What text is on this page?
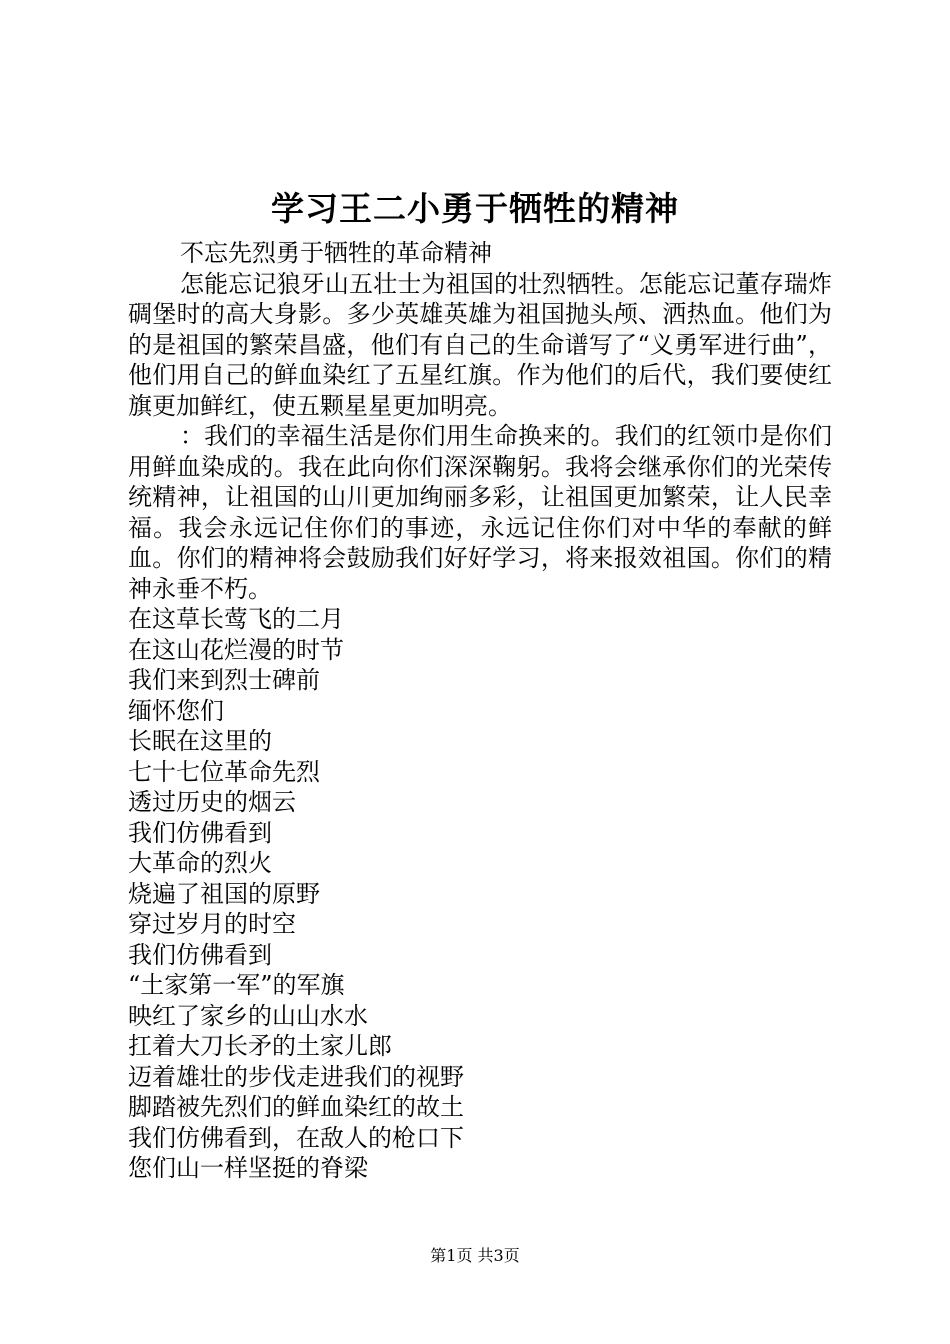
学习王二小勇于牺牲的精神

不忘先烈勇于牺牲的革命精神

怎能忘记狼牙山五壮士为祖国的壮烈牺牲。怎能忘记董存瑞炸碉堡时的高大身影。多少英雄英雄为祖国抛头颅、洒热血。他们为的是祖国的繁荣昌盛，他们有自己的生命谱写了“义勇军进行曲”，他们用自己的鲜血染红了五星红旗。作为他们的后代，我们要使红旗更加鲜红，使五颗星星更加明亮。

：我们的幸福生活是你们用生命换来的。我们的红领巾是你们用鲜血染成的。我在此向你们深深鞠躬。我将会继承你们的光荣传统精神，让祖国的山川更加绚丽多彩，让祖国更加繁荣，让人民幸福。我会永远记住你们的事迹，永远记住你们对中华的奉献的鲜血。你们的精神将会鼓励我们好好学习，将来报效祖国。你们的精神永垂不朽。

在这草长莺飞的二月

在这山花烂漫的时节

我们来到烈士碑前

缅怀您们

长眠在这里的

七十七位革命先烈

透过历史的烟云

我们仿佛看到

大革命的烈火

烧遍了祖国的原野

穿过岁月的时空

我们仿佛看到

“土家第一军”的军旗

映红了家乡的山山水水

扛着大刀长矛的土家儿郎

迈着雄壮的步伐走进我们的视野

脚踏被先烈们的鲜血染红的故土

我们仿佛看到，在敌人的枪口下

您们山一样坚挺的脊梁

第1页 共3页
